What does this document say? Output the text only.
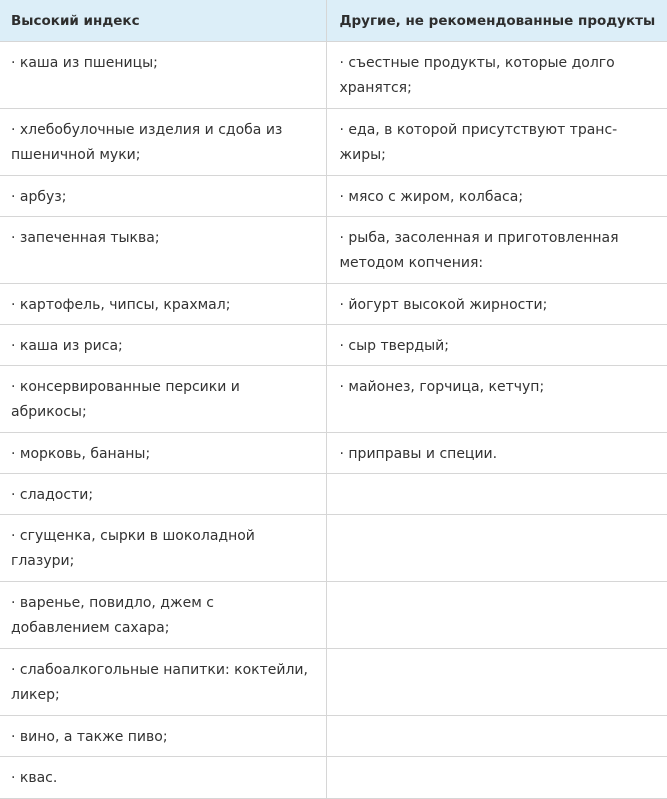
Высокий индекс	Другие, не рекомендованные продукты
· каша из пшеницы;	· съестные продукты, которые долго хранятся;
· хлебобулочные изделия и сдоба из пшеничной муки;	· еда, в которой присутствуют транс-жиры;
· арбуз;	· мясо с жиром, колбаса;
· запеченная тыква;	· рыба, засоленная и приготовленная методом копчения:
· картофель, чипсы, крахмал;	· йогурт высокой жирности;
· каша из риса;	· сыр твердый;
· консервированные персики и абрикосы;	· майонез, горчица, кетчуп;
· морковь, бананы;	· приправы и специи.
· сладости;	
· сгущенка, сырки в шоколадной глазури;	
· варенье, повидло, джем с добавлением сахара;	
· слабоалкогольные напитки: коктейли, ликер;	
· вино, а также пиво;	
· квас.	
